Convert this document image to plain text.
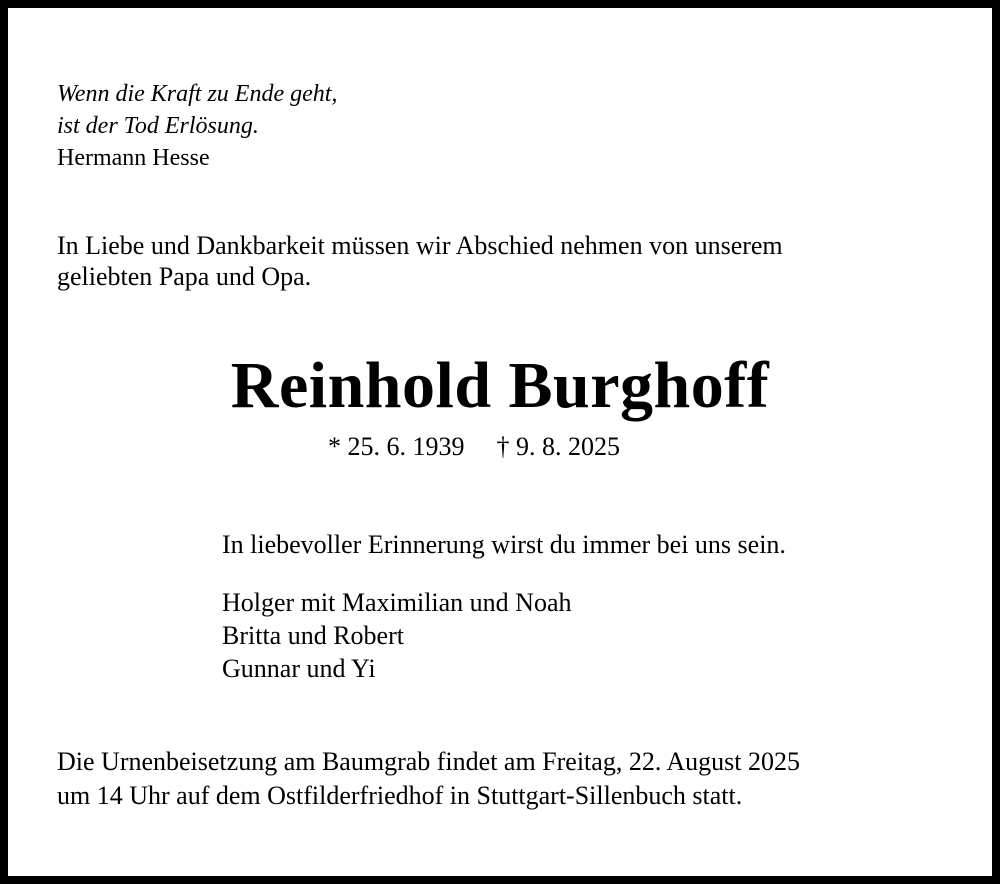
Wenn die Kraft zu Ende geht,
ist der Tod Erlösung.
Hermann Hesse
In Liebe und Dankbarkeit müssen wir Abschied nehmen von unserem
geliebten Papa und Opa.
Reinhold Burghoff
* 25. 6. 1939 † 9. 8. 2025
In liebevoller Erinnerung wirst du immer bei uns sein.
Holger mit Maximilian und Noah
Britta und Robert
Gunnar und Yi
Die Urnenbeisetzung am Baumgrab findet am Freitag, 22. August 2025
um 14 Uhr auf dem Ostfilderfriedhof in Stuttgart-Sillenbuch statt.
